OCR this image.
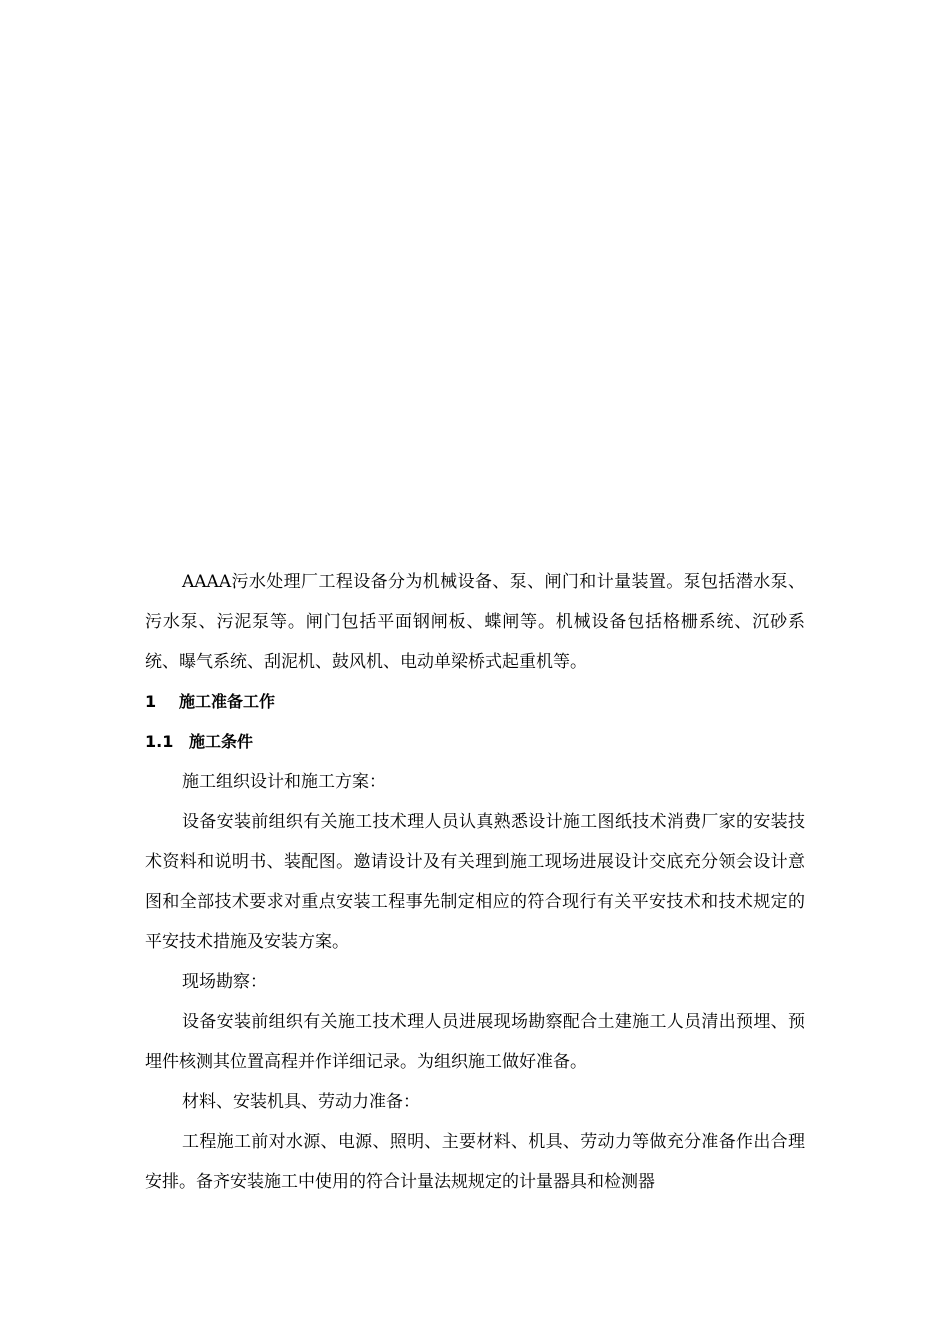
AAAA污水处理厂工程设备分为机械设备、泵、闸门和计量装置。泵包括潜水泵、污水泵、污泥泵等。闸门包括平面钢闸板、蝶闸等。机械设备包括格栅系统、沉砂系统、曝气系统、刮泥机、鼓风机、电动单梁桥式起重机等。

1 施工准备工作

1.1 施工条件

施工组织设计和施工方案：

设备安装前组织有关施工技术理人员认真熟悉设计施工图纸技术消费厂家的安装技术资料和说明书、装配图。邀请设计及有关理到施工现场进展设计交底充分领会设计意图和全部技术要求对重点安装工程事先制定相应的符合现行有关平安技术和技术规定的平安技术措施及安装方案。

现场勘察：

设备安装前组织有关施工技术理人员进展现场勘察配合土建施工人员清出预埋、预埋件核测其位置高程并作详细记录。为组织施工做好准备。

材料、安装机具、劳动力准备：

工程施工前对水源、电源、照明、主要材料、机具、劳动力等做充分准备作出合理安排。备齐安装施工中使用的符合计量法规规定的计量器具和检测器
